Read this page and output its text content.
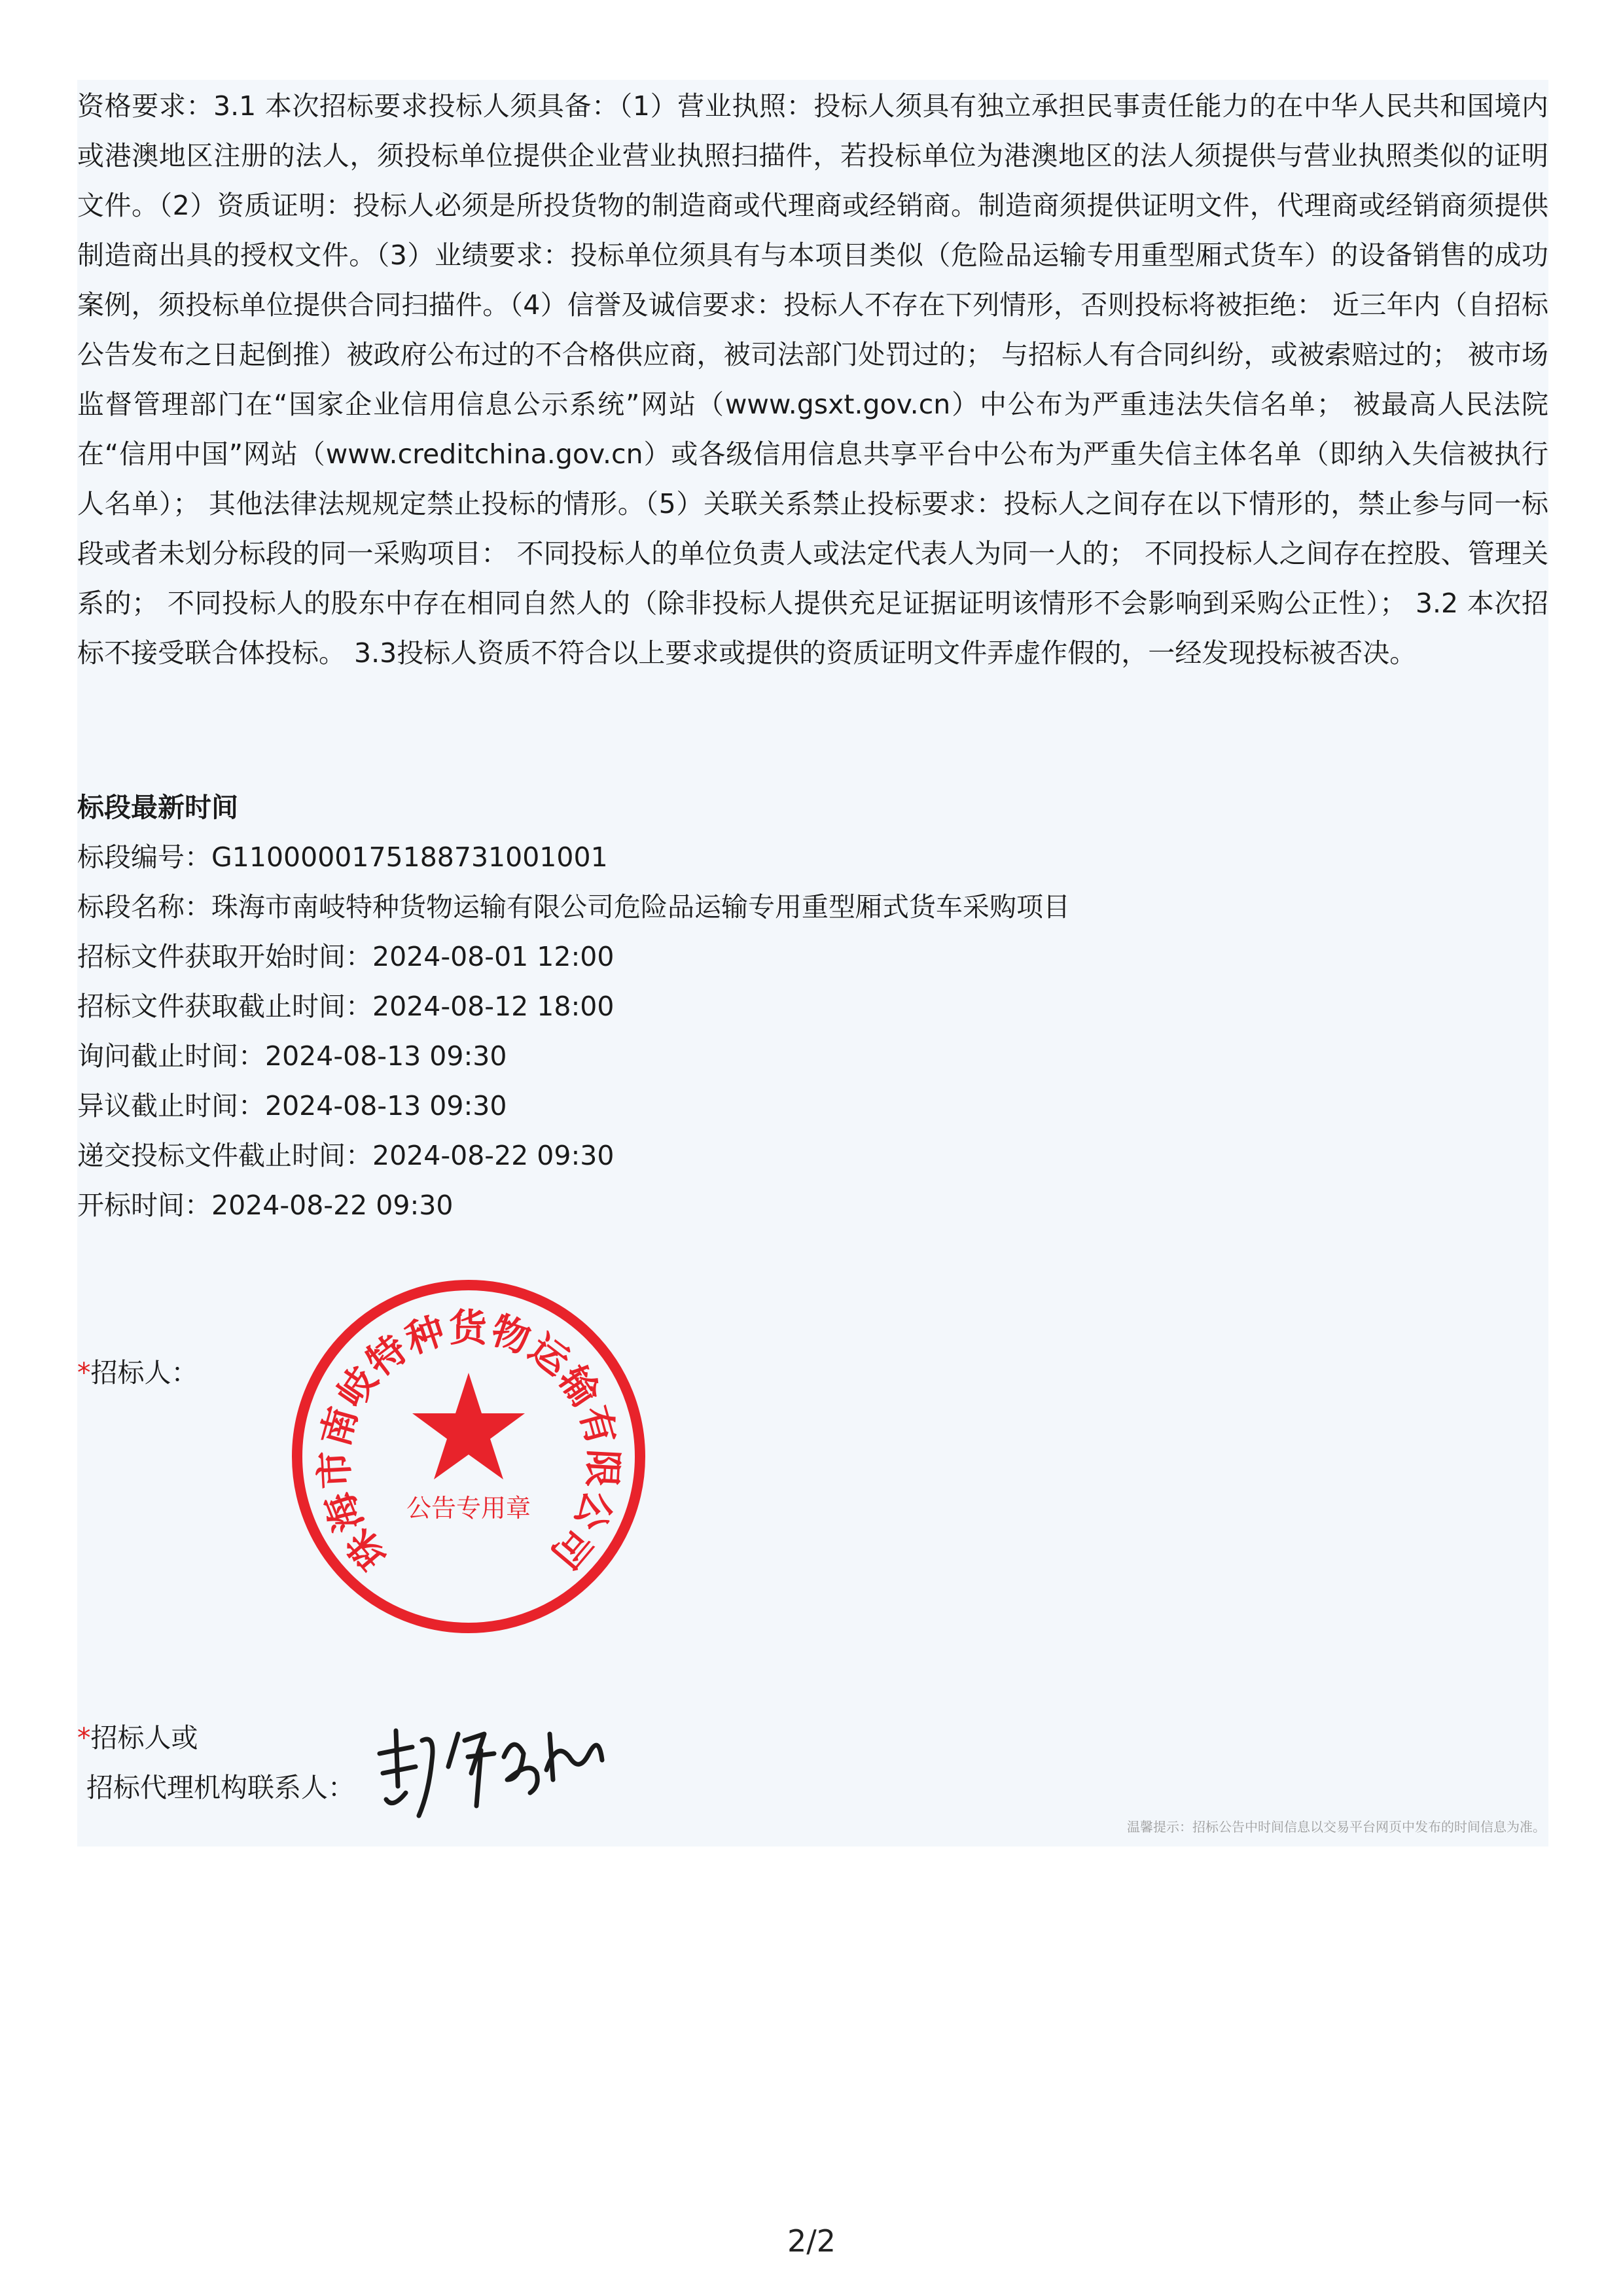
资格要求：3.1 本次招标要求投标人须具备：（1）营业执照：投标人须具有独立承担民事责任能力的在中华人民共和国境内或港澳地区注册的法人，须投标单位提供企业营业执照扫描件，若投标单位为港澳地区的法人须提供与营业执照类似的证明文件。（2）资质证明：投标人必须是所投货物的制造商或代理商或经销商。制造商须提供证明文件，代理商或经销商须提供制造商出具的授权文件。（3）业绩要求：投标单位须具有与本项目类似（危险品运输专用重型厢式货车）的设备销售的成功案例，须投标单位提供合同扫描件。（4）信誉及诚信要求：投标人不存在下列情形，否则投标将被拒绝： 近三年内（自招标公告发布之日起倒推）被政府公布过的不合格供应商，被司法部门处罚过的； 与招标人有合同纠纷，或被索赔过的； 被市场监督管理部门在“国家企业信用信息公示系统”网站（www.gsxt.gov.cn）中公布为严重违法失信名单； 被最高人民法院在“信用中国”网站（www.creditchina.gov.cn）或各级信用信息共享平台中公布为严重失信主体名单（即纳入失信被执行人名单）； 其他法律法规规定禁止投标的情形。（5）关联关系禁止投标要求：投标人之间存在以下情形的，禁止参与同一标段或者未划分标段的同一采购项目： 不同投标人的单位负责人或法定代表人为同一人的； 不同投标人之间存在控股、管理关系的； 不同投标人的股东中存在相同自然人的（除非投标人提供充足证据证明该情形不会影响到采购公正性）； 3.2 本次招标不接受联合体投标。 3.3投标人资质不符合以上要求或提供的资质证明文件弄虚作假的，一经发现投标被否决。

标段最新时间
标段编号：G1100000175188731001001
标段名称：珠海市南岐特种货物运输有限公司危险品运输专用重型厢式货车采购项目
招标文件获取开始时间：2024-08-01 12:00
招标文件获取截止时间：2024-08-12 18:00
询问截止时间：2024-08-13 09:30
异议截止时间：2024-08-13 09:30
递交投标文件截止时间：2024-08-22 09:30
开标时间：2024-08-22 09:30
*招标人：
珠海市南岐特种货物运输有限公司
公告专用章
*招标人或
招标代理机构联系人：
温馨提示：招标公告中时间信息以交易平台网页中发布的时间信息为准。
2/2
